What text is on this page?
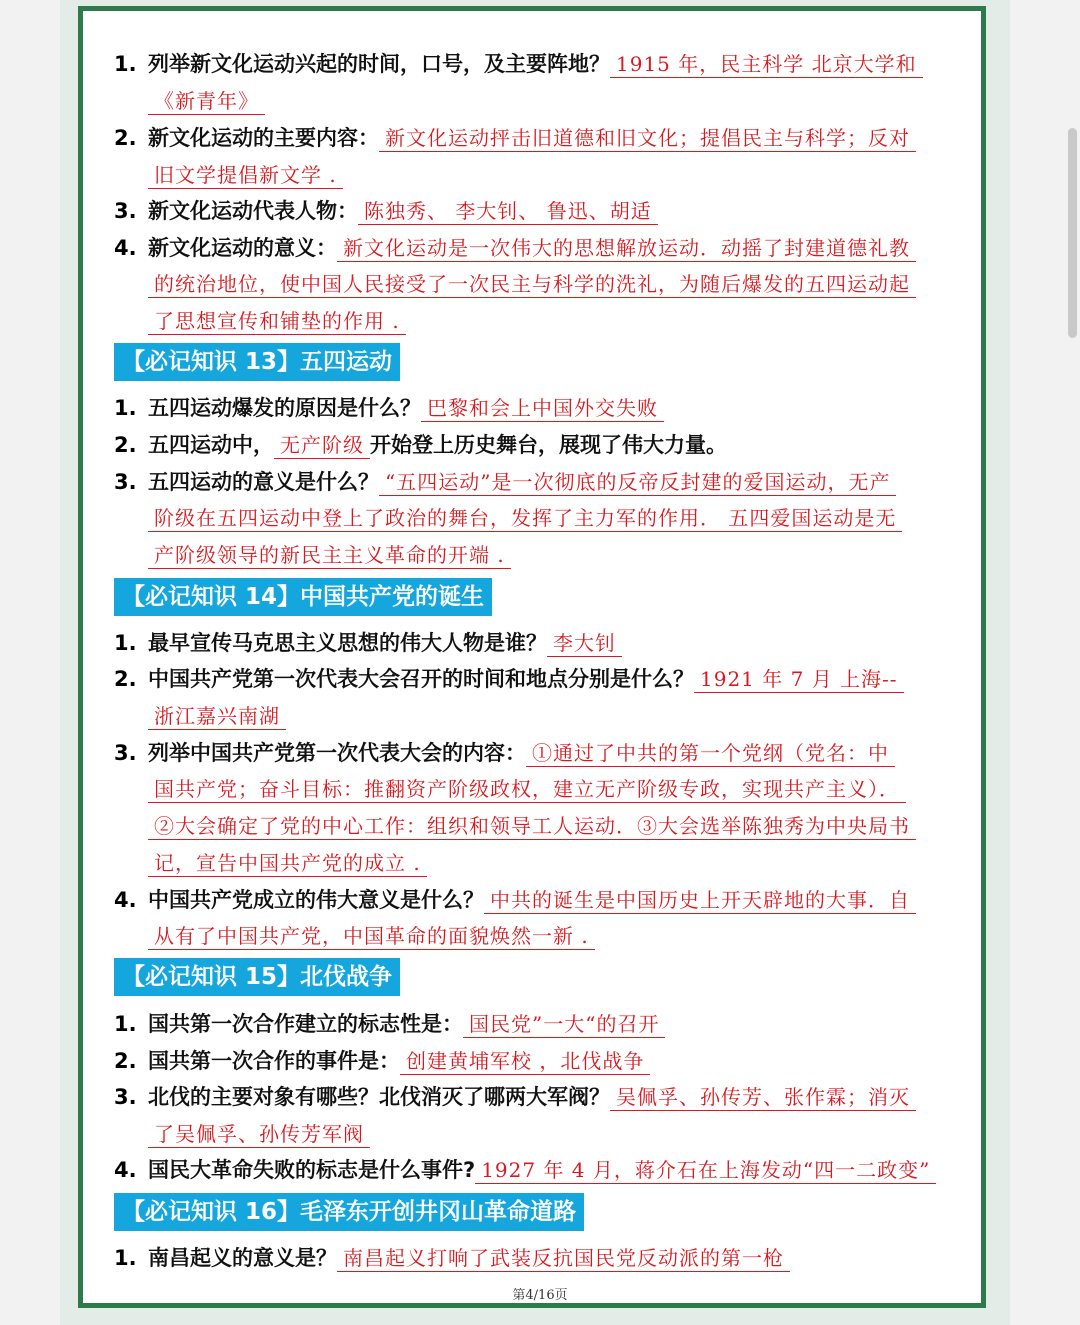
1. 列举新文化运动兴起的时间，口号，及主要阵地？ 1915 年，民主科学 北京大学和
《新青年》
2. 新文化运动的主要内容： 新文化运动抨击旧道德和旧文化；提倡民主与科学；反对
旧文学提倡新文学 .
3. 新文化运动代表人物： 陈独秀、 李大钊、 鲁迅、胡适
4. 新文化运动的意义： 新文化运动是一次伟大的思想解放运动．动摇了封建道德礼教
的统治地位，使中国人民接受了一次民主与科学的洗礼，为随后爆发的五四运动起
了思想宣传和铺垫的作用 .
【必记知识 13】五四运动
1. 五四运动爆发的原因是什么？ 巴黎和会上中国外交失败
2. 五四运动中， 无产阶级 开始登上历史舞台，展现了伟大力量。
3. 五四运动的意义是什么？ “五四运动”是一次彻底的反帝反封建的爱国运动，无产
阶级在五四运动中登上了政治的舞台，发挥了主力军的作用． 五四爱国运动是无
产阶级领导的新民主主义革命的开端 .
【必记知识 14】中国共产党的诞生
1. 最早宣传马克思主义思想的伟大人物是谁？ 李大钊
2. 中国共产党第一次代表大会召开的时间和地点分别是什么？ 1921 年 7 月 上海--
浙江嘉兴南湖
3. 列举中国共产党第一次代表大会的内容： ①通过了中共的第一个党纲（党名：中
国共产党；奋斗目标：推翻资产阶级政权，建立无产阶级专政，实现共产主义）．
②大会确定了党的中心工作：组织和领导工人运动．③大会选举陈独秀为中央局书
记，宣告中国共产党的成立 .
4. 中国共产党成立的伟大意义是什么？ 中共的诞生是中国历史上开天辟地的大事．自
从有了中国共产党，中国革命的面貌焕然一新 .
【必记知识 15】北伐战争
1. 国共第一次合作建立的标志性是： 国民党”一大“的召开
2. 国共第一次合作的事件是： 创建黄埔军校 ，北伐战争
3. 北伐的主要对象有哪些？北伐消灭了哪两大军阀？ 吴佩孚、孙传芳、张作霖；消灭
了吴佩孚、孙传芳军阀
4. 国民大革命失败的标志是什么事件? 1927 年 4 月，蒋介石在上海发动“四一二政变”
【必记知识 16】毛泽东开创井冈山革命道路
1. 南昌起义的意义是？ 南昌起义打响了武装反抗国民党反动派的第一枪
第4/16页
